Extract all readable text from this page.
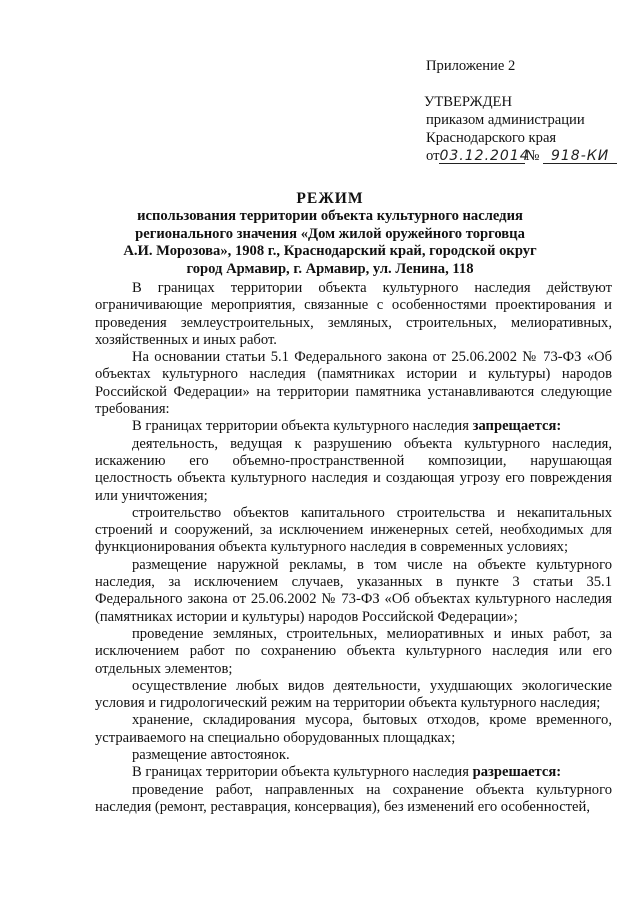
Приложение 2
УТВЕРЖДЕН
приказом администрации
Краснодарского края
от03.12.2014№ 918-КИ
РЕЖИМ
использования территории объекта культурного наследия
регионального значения «Дом жилой оружейного торговца
А.И. Морозова», 1908 г., Краснодарский край, городской округ
город Армавир, г. Армавир, ул. Ленина, 118

В границах территории объекта культурного наследия действуют ограничивающие мероприятия, связанные с особенностями проектирования и проведения землеустроительных, земляных, строительных, мелиоративных, хозяйственных и иных работ.

На основании статьи 5.1 Федерального закона от 25.06.2002 № 73-ФЗ «Об объектах культурного наследия (памятниках истории и культуры) народов Российской Федерации» на территории памятника устанавливаются следующие требования:

В границах территории объекта культурного наследия запрещается:

деятельность, ведущая к разрушению объекта культурного наследия, искажению его объемно-пространственной композиции, нарушающая целостность объекта культурного наследия и создающая угрозу его повреждения или уничтожения;

строительство объектов капитального строительства и некапитальных строений и сооружений, за исключением инженерных сетей, необходимых для функционирования объекта культурного наследия в современных условиях;

размещение наружной рекламы, в том числе на объекте культурного наследия, за исключением случаев, указанных в пункте 3 статьи 35.1 Федерального закона от 25.06.2002 № 73-ФЗ «Об объектах культурного наследия (памятниках истории и культуры) народов Российской Федерации»;

проведение земляных, строительных, мелиоративных и иных работ, за исключением работ по сохранению объекта культурного наследия или его отдельных элементов;

осуществление любых видов деятельности, ухудшающих экологические условия и гидрологический режим на территории объекта культурного наследия;

хранение, складирования мусора, бытовых отходов, кроме временного, устраиваемого на специально оборудованных площадках;

размещение автостоянок.

В границах территории объекта культурного наследия разрешается:

проведение работ, направленных на сохранение объекта культурного наследия (ремонт, реставрация, консервация), без изменений его особенностей,
